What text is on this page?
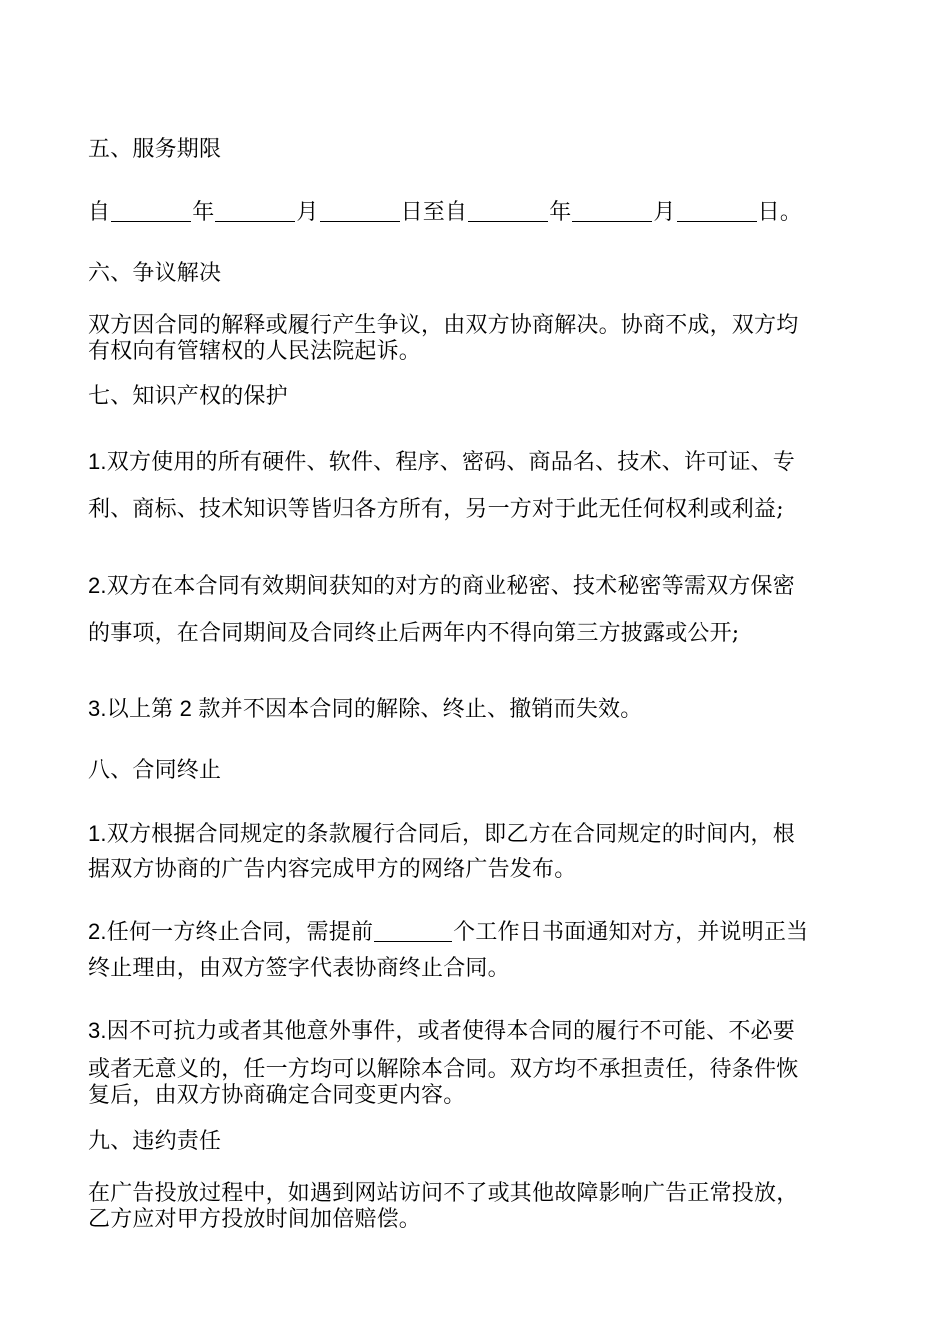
五、服务期限
自	年	月	日至自	年	月	日。
六、争议解决
双方因合同的解释或履行产生争议，由双方协商解决。协商不成，双方均
有权向有管辖权的人民法院起诉。
七、知识产权的保护
1.双方使用的所有硬件、软件、程序、密码、商品名、技术、许可证、专
利、商标、技术知识等皆归各方所有，另一方对于此无任何权利或利益;
2.双方在本合同有效期间获知的对方的商业秘密、技术秘密等需双方保密
的事项，在合同期间及合同终止后两年内不得向第三方披露或公开;
3.以上第 2 款并不因本合同的解除、终止、撤销而失效。
八、合同终止
1.双方根据合同规定的条款履行合同后，即乙方在合同规定的时间内，根
据双方协商的广告内容完成甲方的网络广告发布。
2.任何一方终止合同，需提前	个工作日书面通知对方，并说明正当
终止理由，由双方签字代表协商终止合同。
3.因不可抗力或者其他意外事件，或者使得本合同的履行不可能、不必要
或者无意义的，任一方均可以解除本合同。双方均不承担责任，待条件恢
复后，由双方协商确定合同变更内容。
九、违约责任
在广告投放过程中，如遇到网站访问不了或其他故障影响广告正常投放，
乙方应对甲方投放时间加倍赔偿。
